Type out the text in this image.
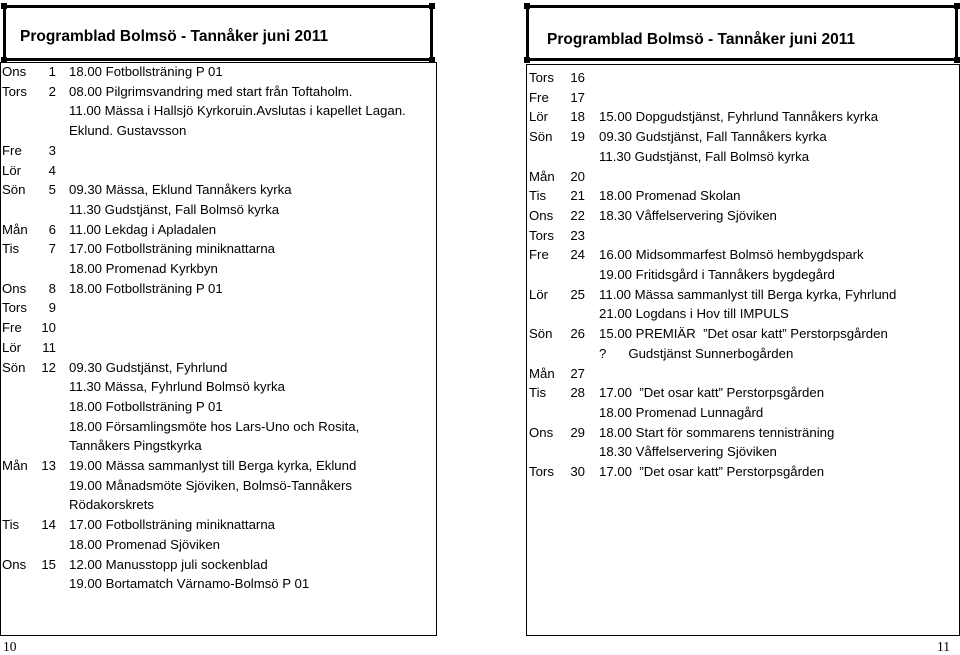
Programblad Bolmsö - Tannåker juni 2011
Ons	1 18.00 Fotbollsträning P 01
Tors	2 08.00 Pilgrimsvandring med start från Toftaholm.
11.00 Mässa i Hallsjö Kyrkoruin.Avslutas i kapellet Lagan.
Eklund. Gustavsson
Fre	3
Lör	4
Sön	5 09.30 Mässa, Eklund Tannåkers kyrka
11.30 Gudstjänst, Fall Bolmsö kyrka
Mån	6 11.00 Lekdag i Apladalen
Tis	7 17.00 Fotbollsträning miniknattarna
18.00 Promenad Kyrkbyn
Ons	8 18.00 Fotbollsträning P 01
Tors	9
Fre	10
Lör	11
Sön	12 09.30 Gudstjänst, Fyhrlund
11.30 Mässa, Fyhrlund Bolmsö kyrka
18.00 Fotbollsträning P 01
18.00 Församlingsmöte hos Lars-Uno och Rosita,
Tannåkers Pingstkyrka
Mån	13 19.00 Mässa sammanlyst till Berga kyrka, Eklund
19.00 Månadsmöte Sjöviken, Bolmsö-Tannåkers
Rödakorskrets
Tis	14 17.00 Fotbollsträning miniknattarna
18.00 Promenad Sjöviken
Ons	15 12.00 Manusstopp juli sockenblad
19.00 Bortamatch Värnamo-Bolmsö P 01
10
Programblad Bolmsö - Tannåker juni 2011
Tors	16
Fre	17
Lör	18 15.00 Dopgudstjänst, Fyhrlund Tannåkers kyrka
Sön	19 09.30 Gudstjänst, Fall Tannåkers kyrka
11.30 Gudstjänst, Fall Bolmsö kyrka
Mån	20
Tis	21 18.00 Promenad Skolan
Ons	22 18.30 Våffelservering Sjöviken
Tors	23
Fre	24 16.00 Midsommarfest Bolmsö hembygdspark
19.00 Fritidsgård i Tannåkers bygdegård
Lör	25 11.00 Mässa sammanlyst till Berga kyrka, Fyhrlund
21.00 Logdans i Hov till IMPULS
Sön	26 15.00 PREMIÄR  ”Det osar katt” Perstorpsgården
?      Gudstjänst Sunnerbogården
Mån	27
Tis	28 17.00  ”Det osar katt” Perstorpsgården
18.00 Promenad Lunnagård
Ons	29 18.00 Start för sommarens tennisträning
18.30 Våffelservering Sjöviken
Tors	30 17.00  ”Det osar katt” Perstorpsgården
11
